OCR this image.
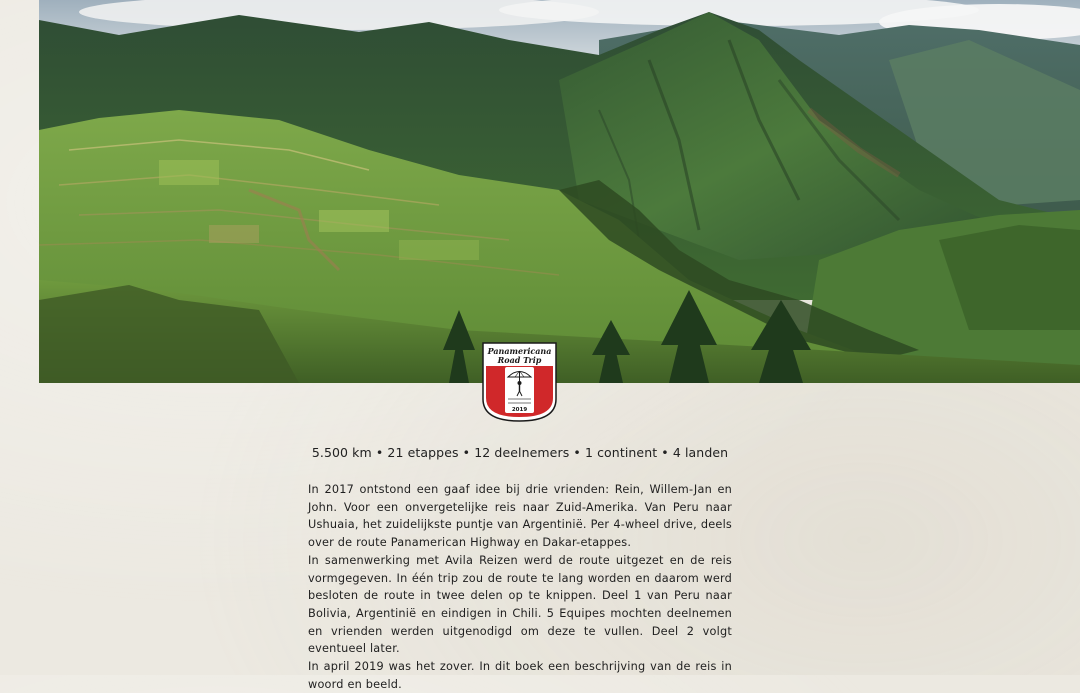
Panamericana
Road Trip
2019
5.500 km • 21 etappes • 12 deelnemers • 1 continent • 4 landen

In 2017 ontstond een gaaf idee bij drie vrienden: Rein, Willem-Jan en John. Voor een onvergetelijke reis naar Zuid-Amerika. Van Peru naar Ushuaia, het zuidelijkste puntje van Argentinië. Per 4-wheel drive, deels over de route Panamerican Highway en Dakar-etappes.

In samenwerking met Avila Reizen werd de route uitgezet en de reis vormgegeven. In één trip zou de route te lang worden en daarom werd besloten de route in twee delen op te knippen. Deel 1 van Peru naar Bolivia, Argentinië en eindigen in Chili. 5 Equipes mochten deelnemen en vrienden werden uitgenodigd om deze te vullen. Deel 2 volgt eventueel later.

In april 2019 was het zover. In dit boek een beschrijving van de reis in woord en beeld.
